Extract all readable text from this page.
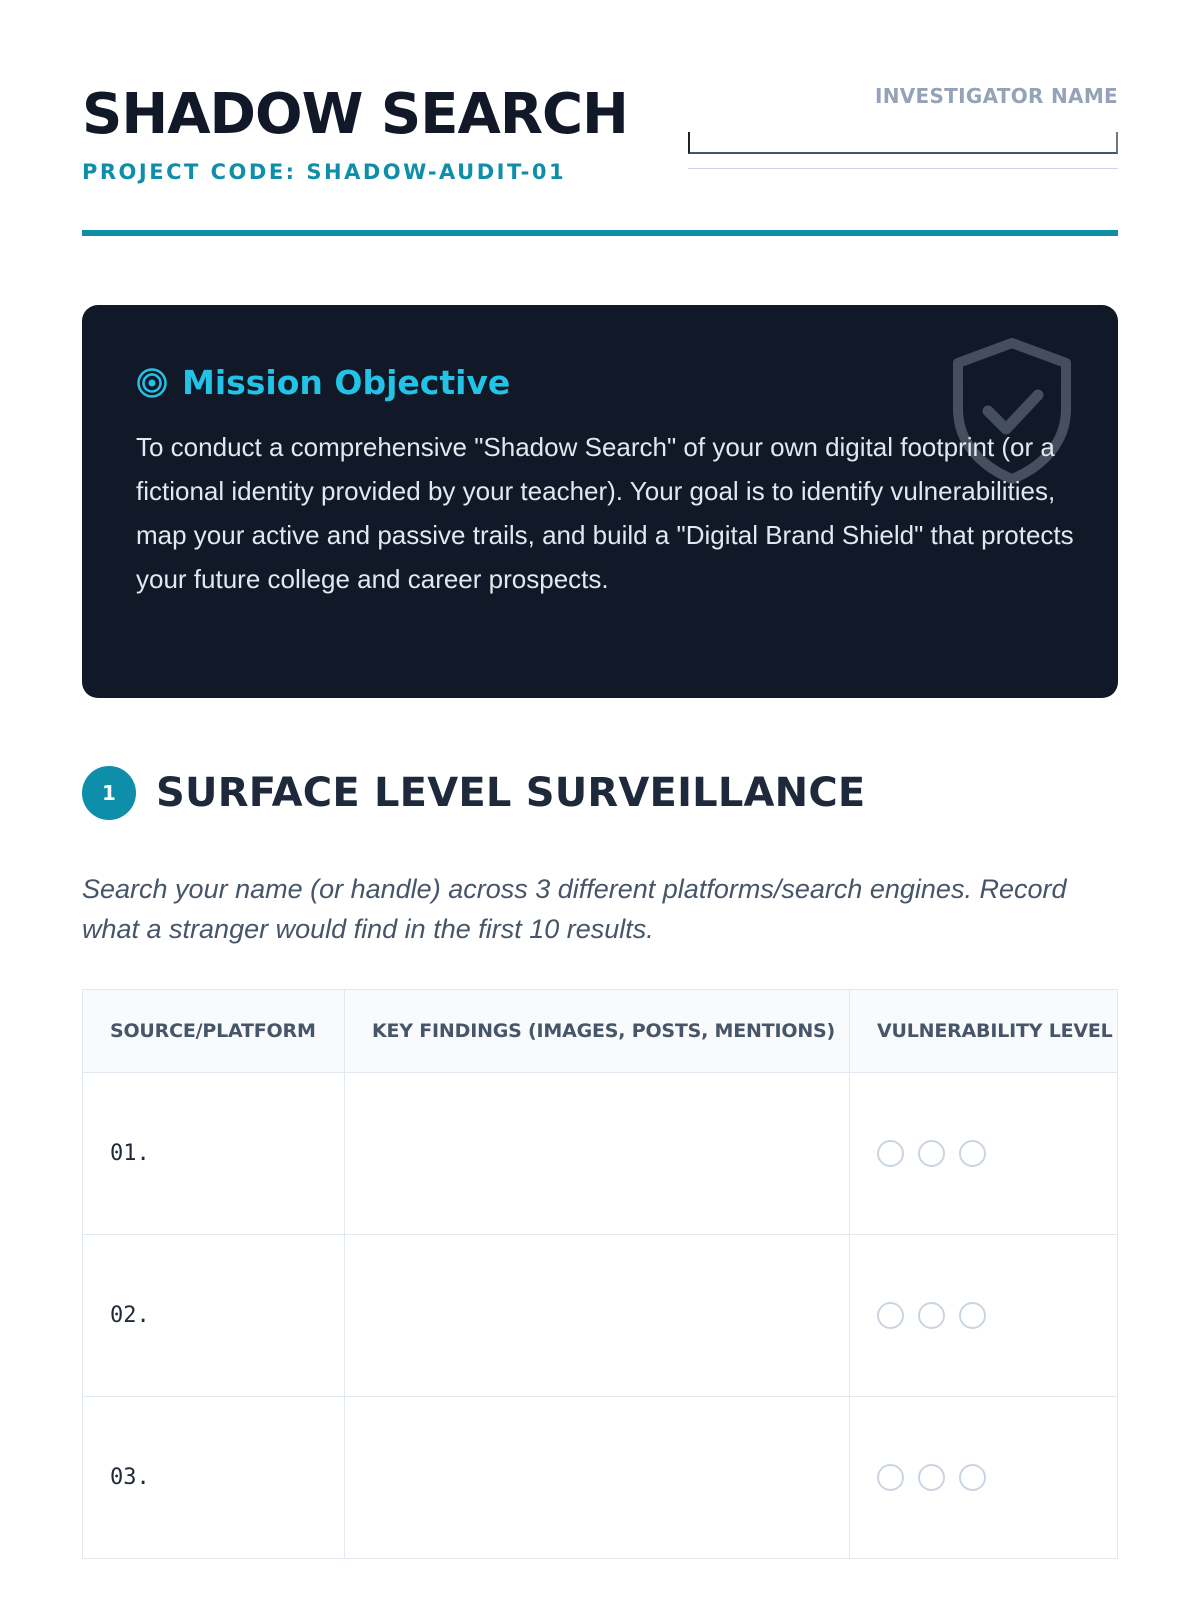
SHADOW SEARCH
PROJECT CODE: SHADOW-AUDIT-01
INVESTIGATOR NAME
Mission Objective

To conduct a comprehensive "Shadow Search" of your own digital footprint (or a fictional identity provided by your teacher). Your goal is to identify vulnerabilities, map your active and passive trails, and build a "Digital Brand Shield" that protects your future college and career prospects.

1	SURFACE LEVEL SURVEILLANCE

Search your name (or handle) across 3 different platforms/search engines. Record what a stranger would find in the first 10 results.

SOURCE/PLATFORM	KEY FINDINGS (IMAGES, POSTS, MENTIONS)	VULNERABILITY LEVEL
01.		

02.		

03.		
